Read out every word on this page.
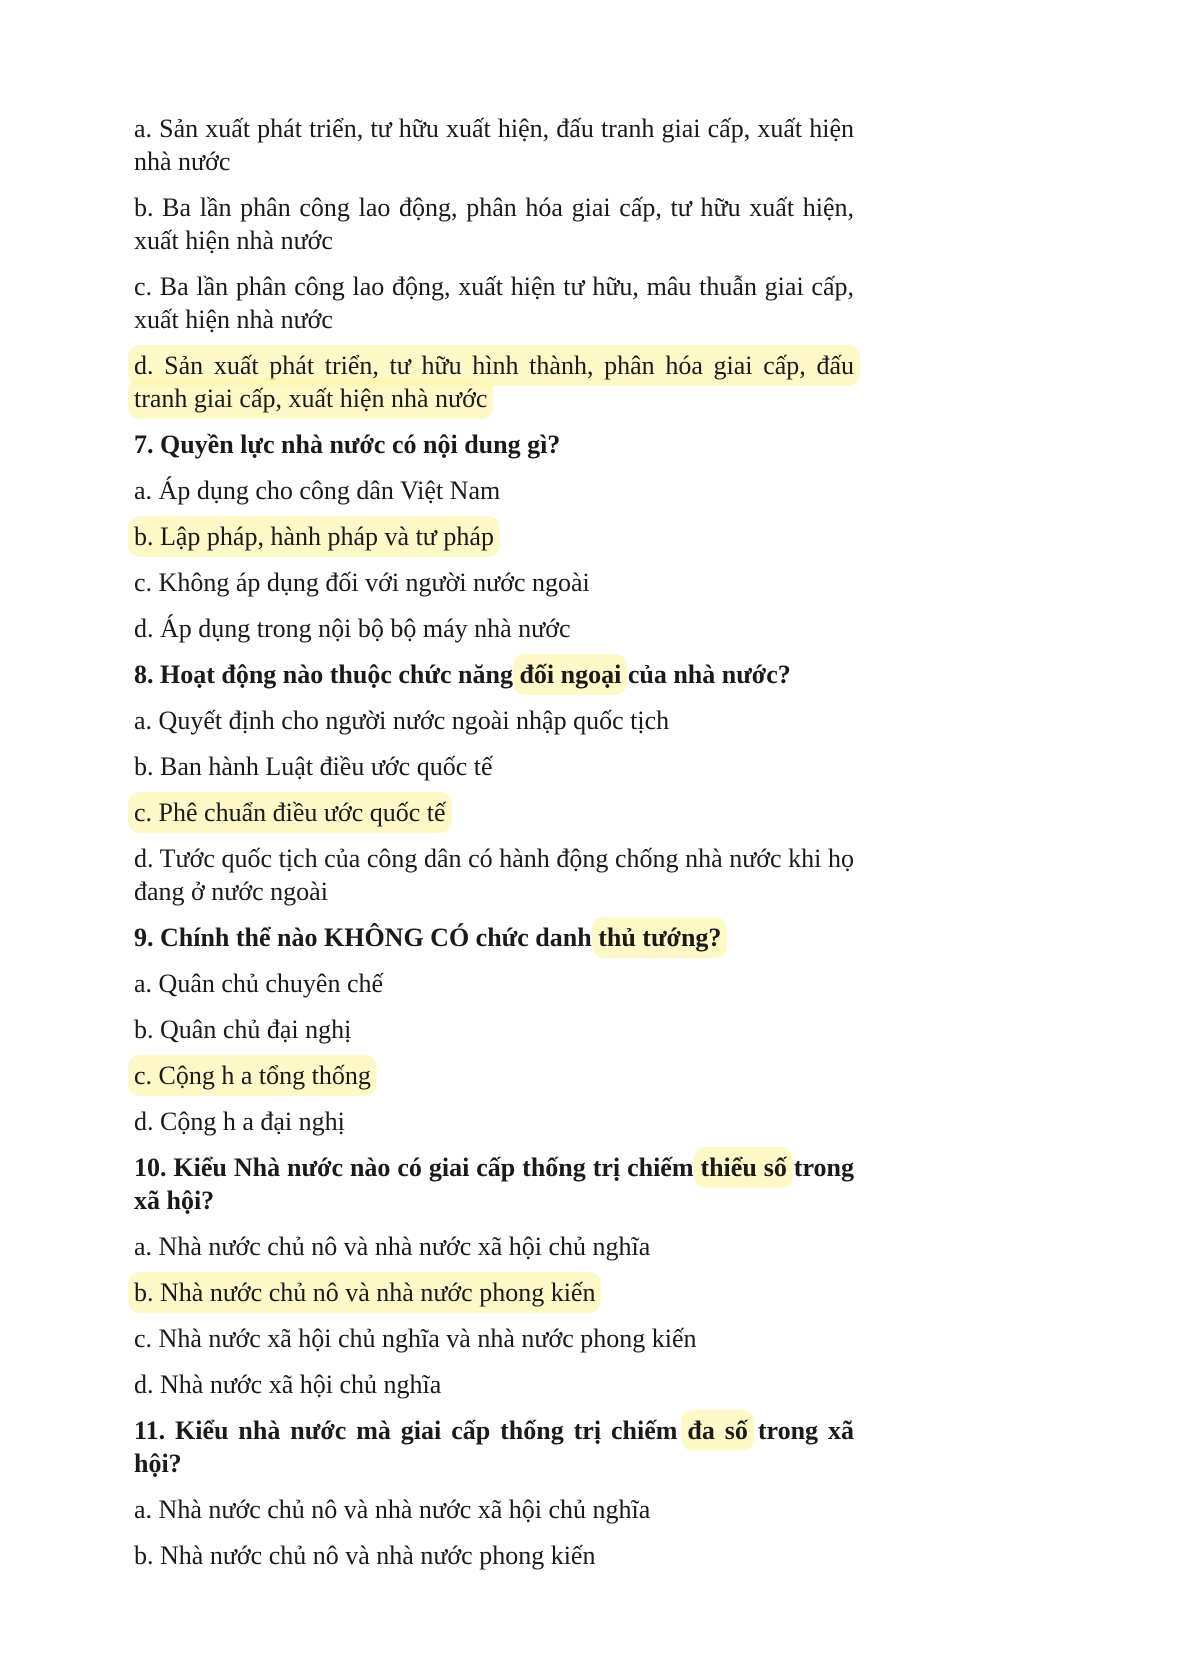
a. Sản xuất phát triển, tư hữu xuất hiện, đấu tranh giai cấp, xuất hiện nhà nước

b. Ba lần phân công lao động, phân hóa giai cấp, tư hữu xuất hiện, xuất hiện nhà nước

c. Ba lần phân công lao động, xuất hiện tư hữu, mâu thuẫn giai cấp, xuất hiện nhà nước

d. Sản xuất phát triển, tư hữu hình thành, phân hóa giai cấp, đấu tranh giai cấp, xuất hiện nhà nước

7. Quyền lực nhà nước có nội dung gì?

a. Áp dụng cho công dân Việt Nam

b. Lập pháp, hành pháp và tư pháp

c. Không áp dụng đối với người nước ngoài

d. Áp dụng trong nội bộ bộ máy nhà nước

8. Hoạt động nào thuộc chức năng đối ngoại của nhà nước?

a. Quyết định cho người nước ngoài nhập quốc tịch

b. Ban hành Luật điều ước quốc tế

c. Phê chuẩn điều ước quốc tế

d. Tước quốc tịch của công dân có hành động chống nhà nước khi họ đang ở nước ngoài

9. Chính thể nào KHÔNG CÓ chức danh thủ tướng?

a. Quân chủ chuyên chế

b. Quân chủ đại nghị

c. Cộng h a tổng thống

d. Cộng h a đại nghị

10. Kiểu Nhà nước nào có giai cấp thống trị chiếm thiểu số trong xã hội?

a. Nhà nước chủ nô và nhà nước xã hội chủ nghĩa

b. Nhà nước chủ nô và nhà nước phong kiến

c. Nhà nước xã hội chủ nghĩa và nhà nước phong kiến

d. Nhà nước xã hội chủ nghĩa

11. Kiểu nhà nước mà giai cấp thống trị chiếm đa số trong xã hội?

a. Nhà nước chủ nô và nhà nước xã hội chủ nghĩa

b. Nhà nước chủ nô và nhà nước phong kiến
